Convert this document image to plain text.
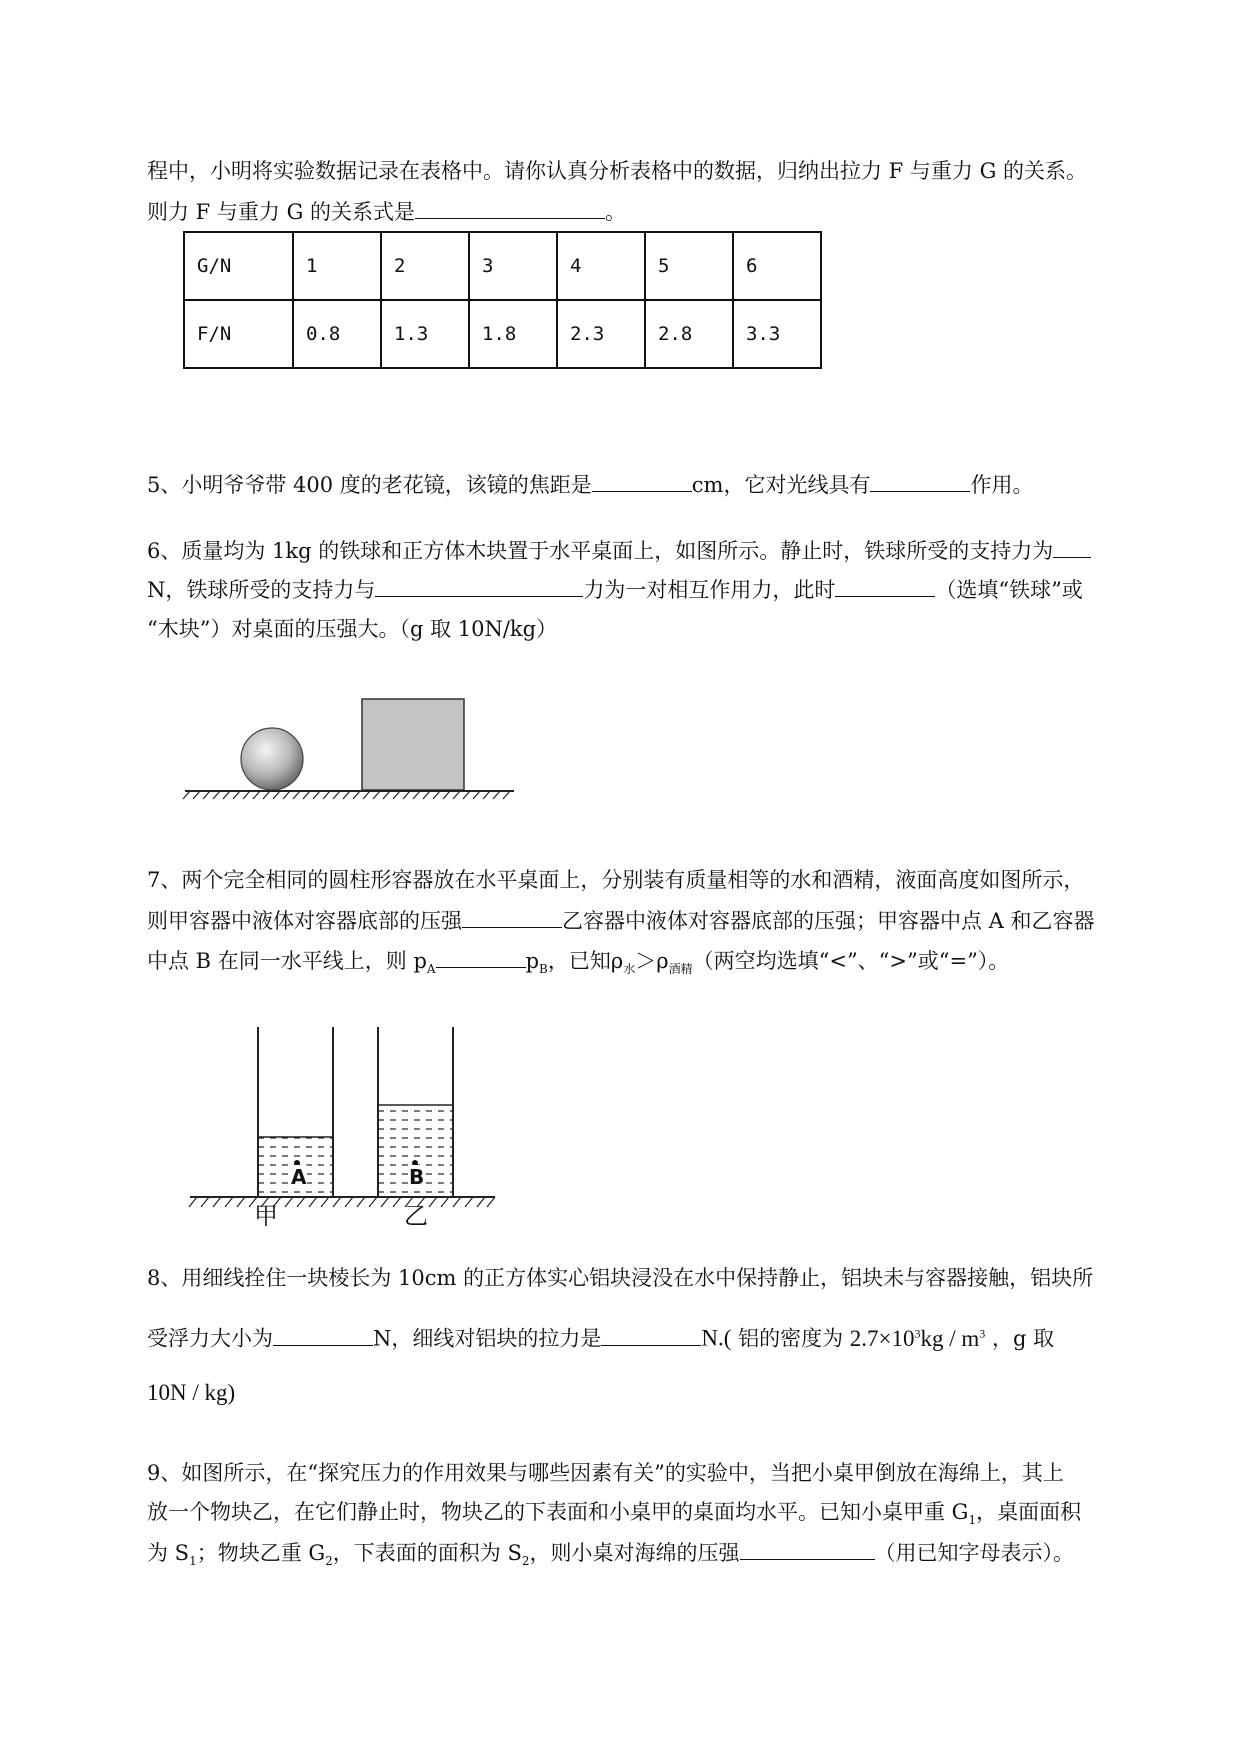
程中，小明将实验数据记录在表格中。请你认真分析表格中的数据，归纳出拉力 F 与重力 G 的关系。
则力 F 与重力 G 的关系式是	。
G/N	1	2	3	4	5	6
F/N	0.8	1.3	1.8	2.3	2.8	3.3
5、小明爷爷带 400 度的老花镜，该镜的焦距是	cm，它对光线具有	作用。
6、质量均为 1kg 的铁球和正方体木块置于水平桌面上，如图所示。静止时，铁球所受的支持力为
N，铁球所受的支持力与	力为一对相互作用力，此时	（选填“铁球”或
“木块”）对桌面的压强大。（g 取 10N/kg）
7、两个完全相同的圆柱形容器放在水平桌面上，分别装有质量相等的水和酒精，液面高度如图所示，
则甲容器中液体对容器底部的压强	乙容器中液体对容器底部的压强；甲容器中点 A 和乙容器
中点 B 在同一水平线上，则 $p_A$	$p_B$，已知$\rho_水>\rho_{酒精}$（两空均选填“<”、“>”或“=”）。
A	B
甲	乙
8、用细线拴住一块棱长为 10cm 的正方体实心铝块浸没在水中保持静止，铝块未与容器接触，铝块所
受浮力大小为	N，细线对铝块的拉力是	N.( 铝的密度为 $2.7\times 10^3kg / m^3$ ，g 取
10N / kg)
9、如图所示，在“探究压力的作用效果与哪些因素有关”的实验中，当把小桌甲倒放在海绵上，其上
放一个物块乙，在它们静止时，物块乙的下表面和小桌甲的桌面均水平。已知小桌甲重 $G_1$，桌面面积
为 $S_1$；物块乙重 $G_2$，下表面的面积为 $S_2$，则小桌对海绵的压强	（用已知字母表示）。
